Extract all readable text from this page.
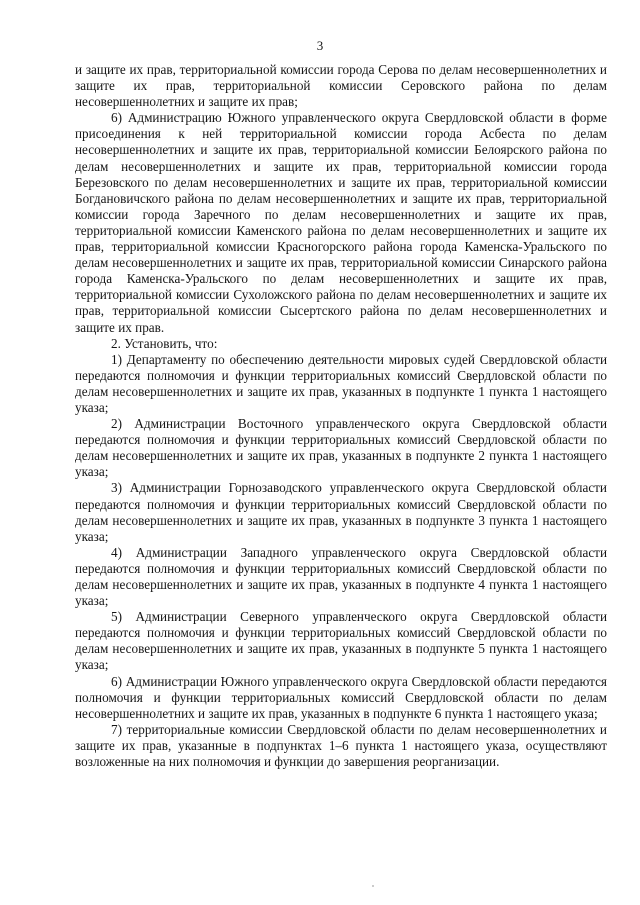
3

и защите их прав, территориальной комиссии города Серова по делам несовершеннолетних и защите их прав, территориальной комиссии Серовского района по делам несовершеннолетних и защите их прав;

6) Администрацию Южного управленческого округа Свердловской области в форме присоединения к ней территориальной комиссии города Асбеста по делам несовершеннолетних и защите их прав, территориальной комиссии Белоярского района по делам несовершеннолетних и защите их прав, территориальной комиссии города Березовского по делам несовершеннолетних и защите их прав, территориальной комиссии Богдановичского района по делам несовершеннолетних и защите их прав, территориальной комиссии города Заречного по делам несовершеннолетних и защите их прав, территориальной комиссии Каменского района по делам несовершеннолетних и защите их прав, территориальной комиссии Красногорского района города Каменска-Уральского по делам несовершеннолетних и защите их прав, территориальной комиссии Синарского района города Каменска-Уральского по делам несовершеннолетних и защите их прав, территориальной комиссии Сухоложского района по делам несовершеннолетних и защите их прав, территориальной комиссии Сысертского района по делам несовершеннолетних и защите их прав.

2. Установить, что:

1) Департаменту по обеспечению деятельности мировых судей Свердловской области передаются полномочия и функции территориальных комиссий Свердловской области по делам несовершеннолетних и защите их прав, указанных в подпункте 1 пункта 1 настоящего указа;

2) Администрации Восточного управленческого округа Свердловской области передаются полномочия и функции территориальных комиссий Свердловской области по делам несовершеннолетних и защите их прав, указанных в подпункте 2 пункта 1 настоящего указа;

3) Администрации Горнозаводского управленческого округа Свердловской области передаются полномочия и функции территориальных комиссий Свердловской области по делам несовершеннолетних и защите их прав, указанных в подпункте 3 пункта 1 настоящего указа;

4) Администрации Западного управленческого округа Свердловской области передаются полномочия и функции территориальных комиссий Свердловской области по делам несовершеннолетних и защите их прав, указанных в подпункте 4 пункта 1 настоящего указа;

5) Администрации Северного управленческого округа Свердловской области передаются полномочия и функции территориальных комиссий Свердловской области по делам несовершеннолетних и защите их прав, указанных в подпункте 5 пункта 1 настоящего указа;

6) Администрации Южного управленческого округа Свердловской области передаются полномочия и функции территориальных комиссий Свердловской области по делам несовершеннолетних и защите их прав, указанных в подпункте 6 пункта 1 настоящего указа;

7) территориальные комиссии Свердловской области по делам несовершеннолетних и защите их прав, указанные в подпунктах 1–6 пункта 1 настоящего указа, осуществляют возложенные на них полномочия и функции до завершения реорганизации.
